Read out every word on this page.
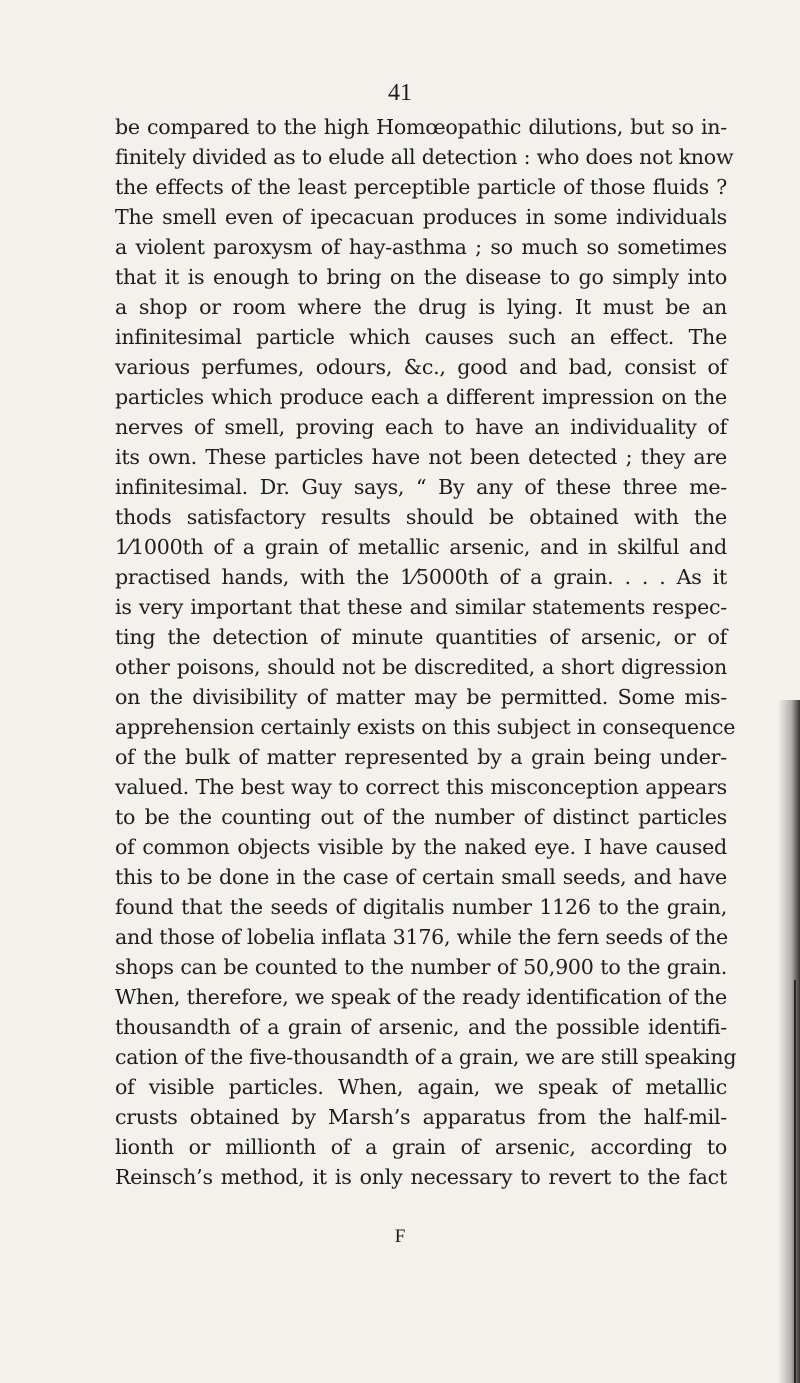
41
be compared to the high Homœopathic dilutions, but so in-
finitely divided as to elude all detection : who does not know
the effects of the least perceptible particle of those fluids ?
The smell even of ipecacuan produces in some individuals
a violent paroxysm of hay-asthma ; so much so sometimes
that it is enough to bring on the disease to go simply into
a shop or room where the drug is lying. It must be an
infinitesimal particle which causes such an effect. The
various perfumes, odours, &c., good and bad, consist of
particles which produce each a different impression on the
nerves of smell, proving each to have an individuality of
its own. These particles have not been detected ; they are
infinitesimal. Dr. Guy says, “ By any of these three me-
thods satisfactory results should be obtained with the
1⁄1000th of a grain of metallic arsenic, and in skilful and
practised hands, with the 1⁄5000th of a grain. . . . As it
is very important that these and similar statements respec-
ting the detection of minute quantities of arsenic, or of
other poisons, should not be discredited, a short digression
on the divisibility of matter may be permitted. Some mis-
apprehension certainly exists on this subject in consequence
of the bulk of matter represented by a grain being under-
valued. The best way to correct this misconception appears
to be the counting out of the number of distinct particles
of common objects visible by the naked eye. I have caused
this to be done in the case of certain small seeds, and have
found that the seeds of digitalis number 1126 to the grain,
and those of lobelia inflata 3176, while the fern seeds of the
shops can be counted to the number of 50,900 to the grain.
When, therefore, we speak of the ready identification of the
thousandth of a grain of arsenic, and the possible identifi-
cation of the five-thousandth of a grain, we are still speaking
of visible particles. When, again, we speak of metallic
crusts obtained by Marsh’s apparatus from the half-mil-
lionth or millionth of a grain of arsenic, according to
Reinsch’s method, it is only necessary to revert to the fact
F
